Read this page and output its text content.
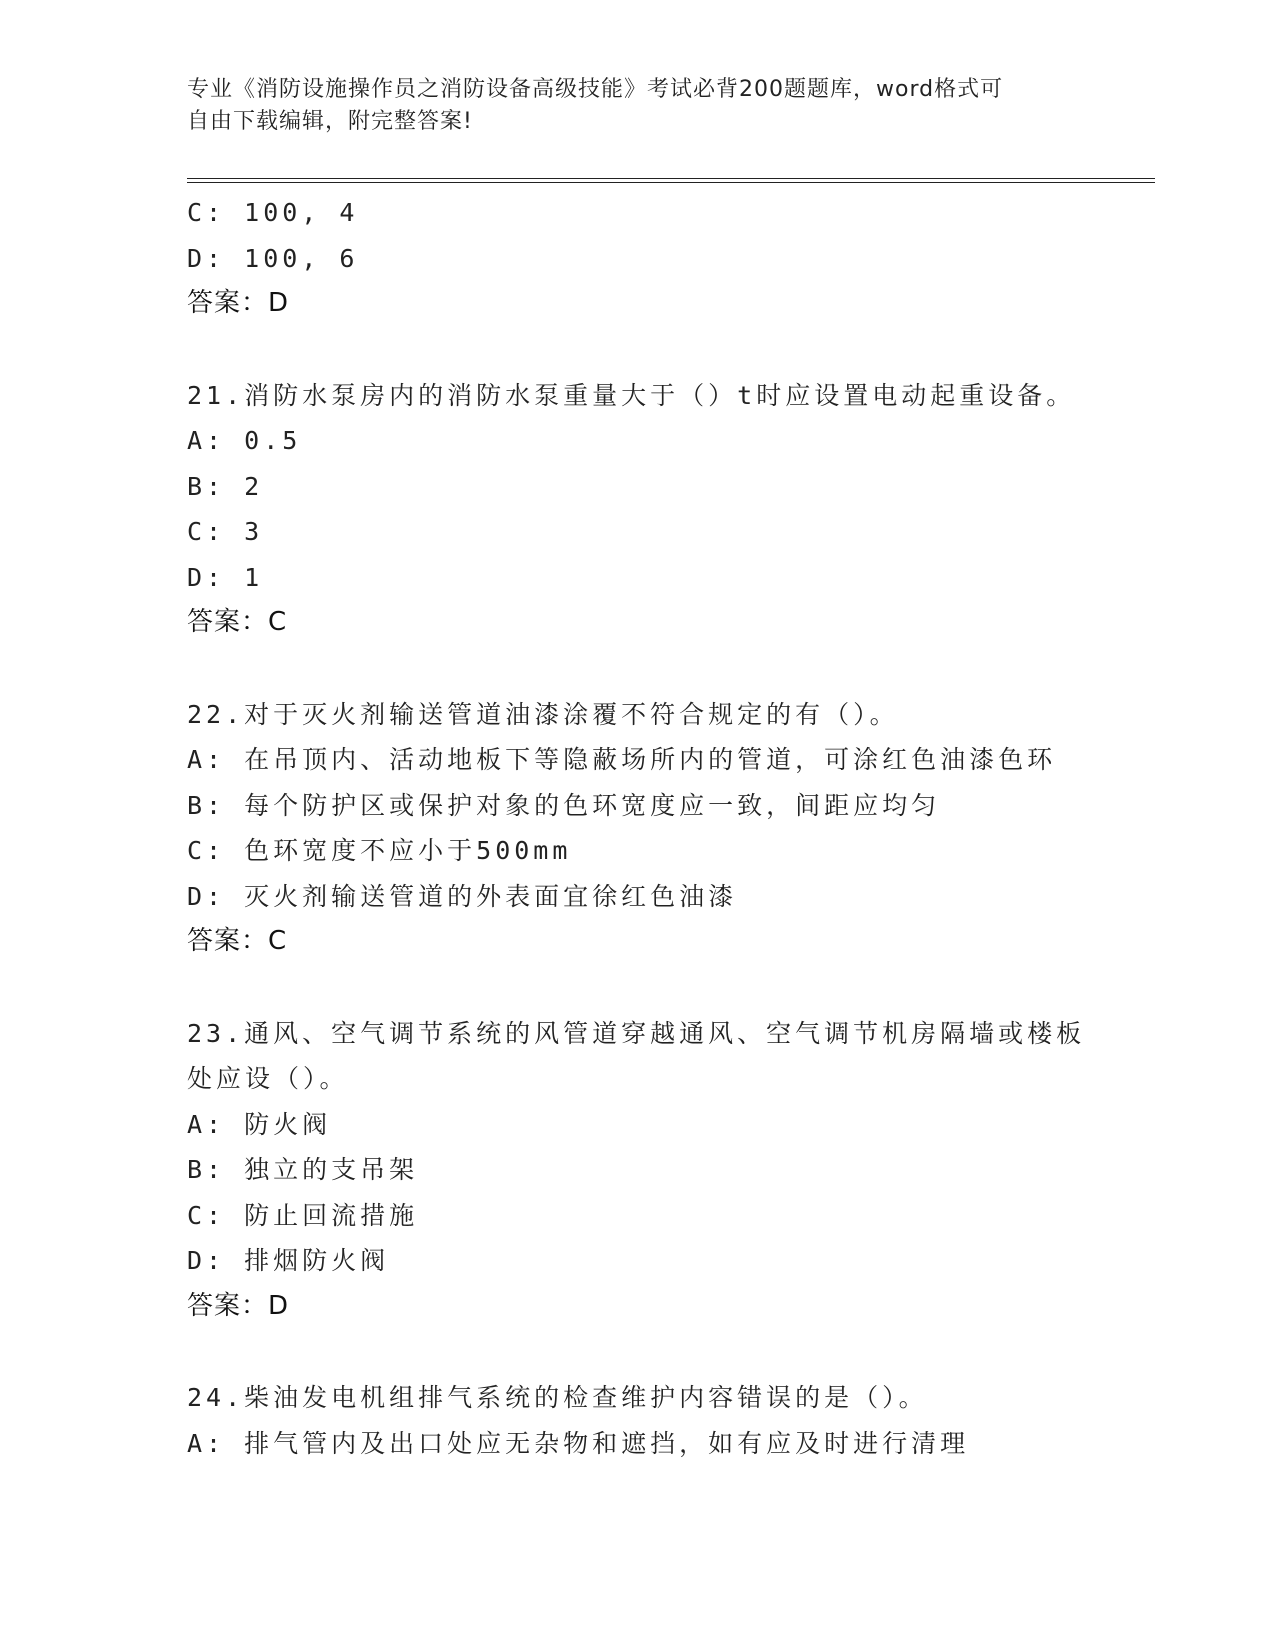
专业《消防设施操作员之消防设备高级技能》考试必背200题题库，word格式可
自由下载编辑，附完整答案!
C: 100, 4
D: 100, 6
答案：D
21.消防水泵房内的消防水泵重量大于（）t时应设置电动起重设备。
A: 0.5
B: 2
C: 3
D: 1
答案：C
22.对于灭火剂输送管道油漆涂覆不符合规定的有（）。
A: 在吊顶内、活动地板下等隐蔽场所内的管道，可涂红色油漆色环
B: 每个防护区或保护对象的色环宽度应一致，间距应均匀
C: 色环宽度不应小于500mm
D: 灭火剂输送管道的外表面宜徐红色油漆
答案：C
23.通风、空气调节系统的风管道穿越通风、空气调节机房隔墙或楼板
处应设（）。
A: 防火阀
B: 独立的支吊架
C: 防止回流措施
D: 排烟防火阀
答案：D
24.柴油发电机组排气系统的检查维护内容错误的是（）。
A: 排气管内及出口处应无杂物和遮挡，如有应及时进行清理
